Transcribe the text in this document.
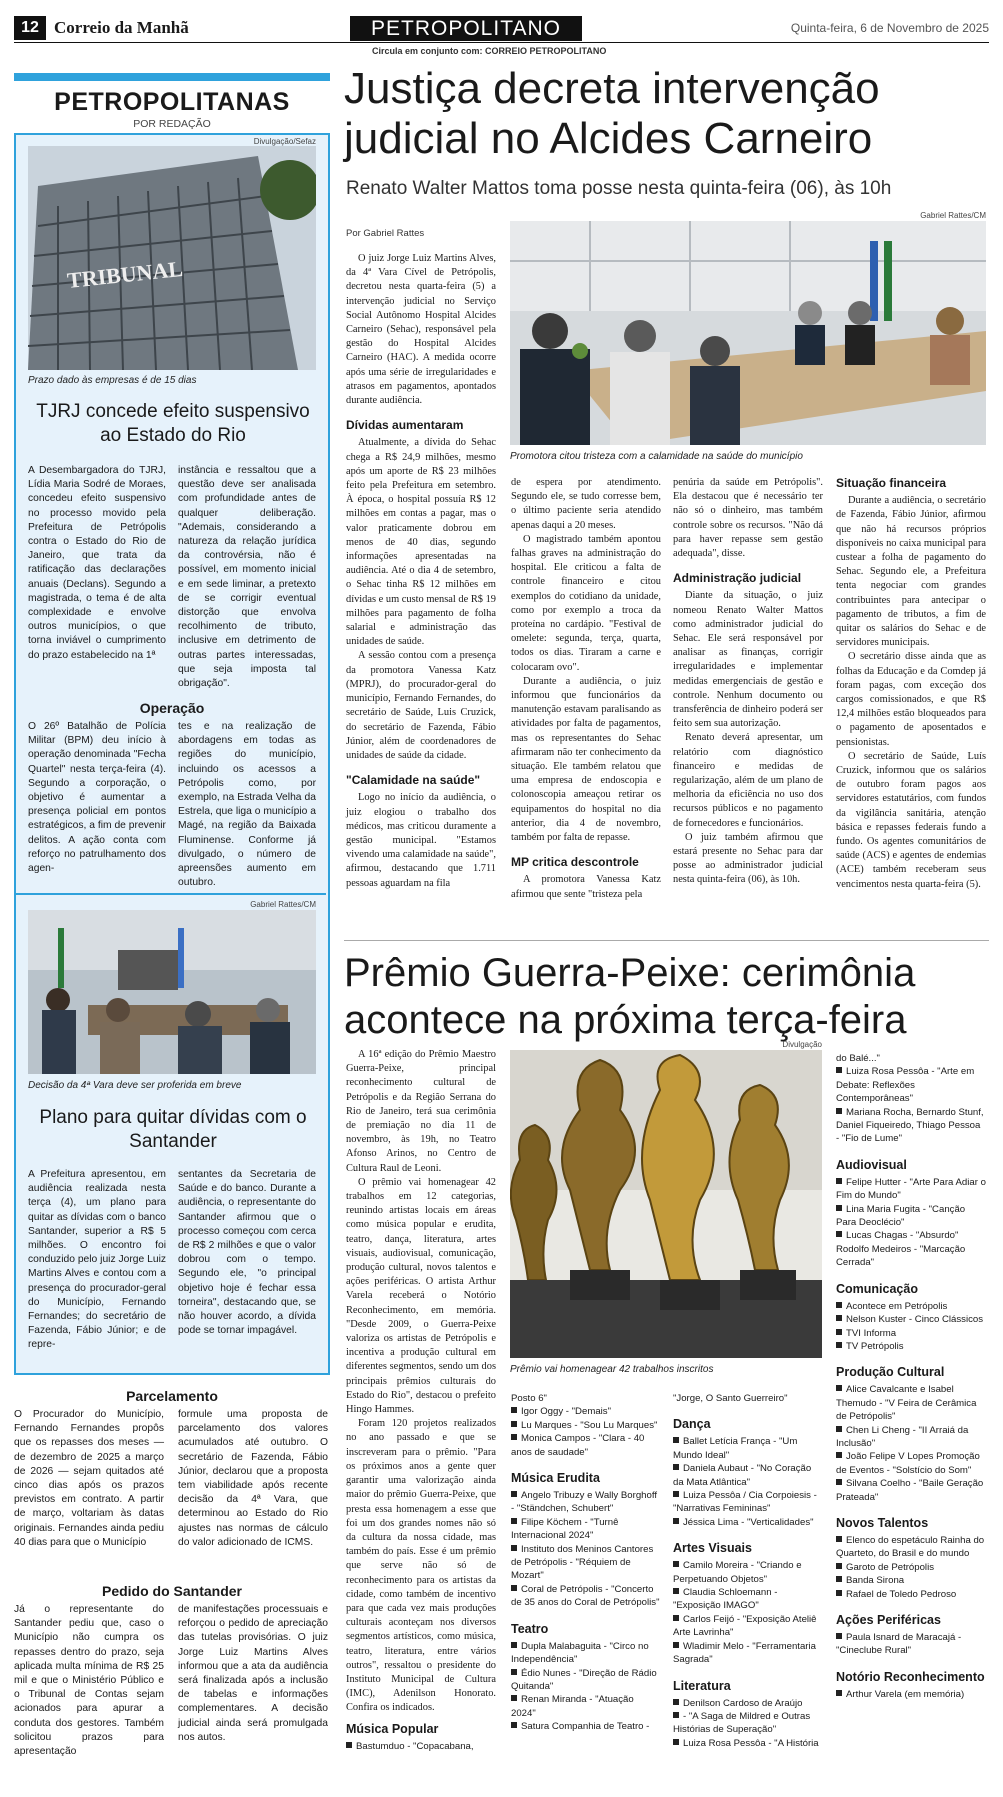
12 Correio da Manhã	PETROPOLITANO	Quinta-feira, 6 de Novembro de 2025
Circula em conjunto com: CORREIO PETROPOLITANO
PETROPOLITANAS
POR REDAÇÃO
Divulgação/Sefaz
TRIBUNAL
Prazo dado às empresas é de 15 dias
TJRJ concede efeito suspensivo ao Estado do Rio

A Desembargadora do TJRJ, Lídia Maria Sodré de Moraes, concedeu efeito suspensivo no processo movido pela Prefeitura de Petrópolis contra o Estado do Rio de Janeiro, que trata da ratificação das declarações anuais (Declans). Segundo a magistrada, o tema é de alta complexidade e envolve outros municípios, o que torna inviável o cumprimento do prazo estabelecido na 1ª

instância e ressaltou que a questão deve ser analisada com profundidade antes de qualquer deliberação. "Ademais, considerando a natureza da relação jurídica da controvérsia, não é possível, em momento inicial e em sede liminar, a pretexto de se corrigir eventual distorção que envolva recolhimento de tributo, inclusive em detrimento de outras partes interessadas, que seja imposta tal obrigação".

Operação

O 26º Batalhão de Polícia Militar (BPM) deu início à operação denominada "Fecha Quartel" nesta terça-feira (4). Segundo a corporação, o objetivo é aumentar a presença policial em pontos estratégicos, a fim de prevenir delitos. A ação conta com reforço no patrulhamento dos agen-

tes e na realização de abordagens em todas as regiões do município, incluindo os acessos a Petrópolis como, por exemplo, na Estrada Velha da Estrela, que liga o município a Magé, na região da Baixada Fluminense. Conforme já divulgado, o número de apreensões aumento em outubro.

Gabriel Rattes/CM
Decisão da 4ª Vara deve ser proferida em breve
Plano para quitar dívidas com o Santander

A Prefeitura apresentou, em audiência realizada nesta terça (4), um plano para quitar as dívidas com o banco Santander, superior a R$ 5 milhões. O encontro foi conduzido pelo juiz Jorge Luiz Martins Alves e contou com a presença do procurador-geral do Município, Fernando Fernandes; do secretário de Fazenda, Fábio Júnior; e de repre-

sentantes da Secretaria de Saúde e do banco. Durante a audiência, o representante do Santander afirmou que o processo começou com cerca de R$ 2 milhões e que o valor dobrou com o tempo. Segundo ele, "o principal objetivo hoje é fechar essa torneira", destacando que, se não houver acordo, a dívida pode se tornar impagável.

Parcelamento

O Procurador do Município, Fernando Fernandes propôs que os repasses dos meses — de dezembro de 2025 a março de 2026 — sejam quitados até cinco dias após os prazos previstos em contrato. A partir de março, voltariam às datas originais. Fernandes ainda pediu 40 dias para que o Município

formule uma proposta de parcelamento dos valores acumulados até outubro. O secretário de Fazenda, Fábio Júnior, declarou que a proposta tem viabilidade após recente decisão da 4ª Vara, que determinou ao Estado do Rio ajustes nas normas de cálculo do valor adicionado de ICMS.

Pedido do Santander

Já o representante do Santander pediu que, caso o Município não cumpra os repasses dentro do prazo, seja aplicada multa mínima de R$ 25 mil e que o Ministério Público e o Tribunal de Contas sejam acionados para apurar a conduta dos gestores. Também solicitou prazos para apresentação

de manifestações processuais e reforçou o pedido de apreciação das tutelas provisórias. O juiz Jorge Luiz Martins Alves informou que a ata da audiência será finalizada após a inclusão de tabelas e informações complementares. A decisão judicial ainda será promulgada nos autos.

Justiça decreta intervenção judicial no Alcides Carneiro
Renato Walter Mattos toma posse nesta quinta-feira (06), às 10h
Por Gabriel Rattes
Gabriel Rattes/CM
Promotora citou tristeza com a calamidade na saúde do município

O juiz Jorge Luiz Martins Alves, da 4ª Vara Cível de Petrópolis, decretou nesta quarta-feira (5) a intervenção judicial no Serviço Social Autônomo Hospital Alcides Carneiro (Sehac), responsável pela gestão do Hospital Alcides Carneiro (HAC). A medida ocorre após uma série de irregularidades e atrasos em pagamentos, apontados durante audiência.

Dívidas aumentaram

Atualmente, a dívida do Sehac chega a R$ 24,9 milhões, mesmo após um aporte de R$ 23 milhões feito pela Prefeitura em setembro. À época, o hospital possuía R$ 12 milhões em contas a pagar, mas o valor praticamente dobrou em menos de 40 dias, segundo informações apresentadas na audiência. Até o dia 4 de setembro, o Sehac tinha R$ 12 milhões em dívidas e um custo mensal de R$ 19 milhões para pagamento de folha salarial e administração das unidades de saúde.

A sessão contou com a presença da promotora Vanessa Katz (MPRJ), do procurador-geral do município, Fernando Fernandes, do secretário de Saúde, Luis Cruzick, do secretário de Fazenda, Fábio Júnior, além de coordenadores de unidades de saúde da cidade.

"Calamidade na saúde"

Logo no início da audiência, o juiz elogiou o trabalho dos médicos, mas criticou duramente a gestão municipal. "Estamos vivendo uma calamidade na saúde", afirmou, destacando que 1.711 pessoas aguardam na fila

de espera por atendimento. Segundo ele, se tudo corresse bem, o último paciente seria atendido apenas daqui a 20 meses.

O magistrado também apontou falhas graves na administração do hospital. Ele criticou a falta de controle financeiro e citou exemplos do cotidiano da unidade, como por exemplo a troca da proteína no cardápio. "Festival de omelete: segunda, terça, quarta, todos os dias. Tiraram a carne e colocaram ovo".

Durante a audiência, o juiz informou que funcionários da manutenção estavam paralisando as atividades por falta de pagamentos, mas os representantes do Sehac afirmaram não ter conhecimento da situação. Ele também relatou que uma empresa de endoscopia e colonoscopia ameaçou retirar os equipamentos do hospital no dia anterior, dia 4 de novembro, também por falta de repasse.

MP critica descontrole

A promotora Vanessa Katz afirmou que sente "tristeza pela

penúria da saúde em Petrópolis". Ela destacou que é necessário ter não só o dinheiro, mas também controle sobre os recursos. "Não dá para haver repasse sem gestão adequada", disse.

Administração judicial

Diante da situação, o juiz nomeou Renato Walter Mattos como administrador judicial do Sehac. Ele será responsável por analisar as finanças, corrigir irregularidades e implementar medidas emergenciais de gestão e controle. Nenhum documento ou transferência de dinheiro poderá ser feito sem sua autorização.

Renato deverá apresentar, um relatório com diagnóstico financeiro e medidas de regularização, além de um plano de melhoria da eficiência no uso dos recursos públicos e no pagamento de fornecedores e funcionários.

O juiz também afirmou que estará presente no Sehac para dar posse ao administrador judicial nesta quinta-feira (06), às 10h.

Situação financeira

Durante a audiência, o secretário de Fazenda, Fábio Júnior, afirmou que não há recursos próprios disponíveis no caixa municipal para custear a folha de pagamento do Sehac. Segundo ele, a Prefeitura tenta negociar com grandes contribuintes para antecipar o pagamento de tributos, a fim de quitar os salários do Sehac e de servidores municipais.

O secretário disse ainda que as folhas da Educação e da Comdep já foram pagas, com exceção dos cargos comissionados, e que R$ 12,4 milhões estão bloqueados para o pagamento de aposentados e pensionistas.

O secretário de Saúde, Luís Cruzick, informou que os salários de outubro foram pagos aos servidores estatutários, com fundos da vigilância sanitária, atenção básica e repasses federais fundo a fundo. Os agentes comunitários de saúde (ACS) e agentes de endemias (ACE) também receberam seus vencimentos nesta quarta-feira (5).

Prêmio Guerra-Peixe: cerimônia acontece na próxima terça-feira
Divulgação
Prêmio vai homenagear 42 trabalhos inscritos

A 16ª edição do Prêmio Maestro Guerra-Peixe, principal reconhecimento cultural de Petrópolis e da Região Serrana do Rio de Janeiro, terá sua cerimônia de premiação no dia 11 de novembro, às 19h, no Teatro Afonso Arinos, no Centro de Cultura Raul de Leoni.

O prêmio vai homenagear 42 trabalhos em 12 categorias, reunindo artistas locais em áreas como música popular e erudita, teatro, dança, literatura, artes visuais, audiovisual, comunicação, produção cultural, novos talentos e ações periféricas. O artista Arthur Varela receberá o Notório Reconhecimento, em memória. "Desde 2009, o Guerra-Peixe valoriza os artistas de Petrópolis e incentiva a produção cultural em diferentes segmentos, sendo um dos principais prêmios culturais do Estado do Rio", destacou o prefeito Hingo Hammes.

Foram 120 projetos realizados no ano passado e que se inscreveram para o prêmio. "Para os próximos anos a gente quer garantir uma valorização ainda maior do prêmio Guerra-Peixe, que presta essa homenagem a esse que foi um dos grandes nomes não só da cultura da nossa cidade, mas também do país. Esse é um prêmio que serve não só de reconhecimento para os artistas da cidade, como também de incentivo para que cada vez mais produções culturais aconteçam nos diversos segmentos artísticos, como música, teatro, literatura, entre vários outros", ressaltou o presidente do Instituto Municipal de Cultura (IMC), Adenilson Honorato. Confira os indicados.

Música Popular
Bastumduo - "Copacabana,
Posto 6"
Igor Oggy - "Demais"
Lu Marques - "Sou Lu Marques"
Monica Campos - "Clara - 40 anos de saudade"
Música Erudita
Angelo Tribuzy e Wally Borghoff - "Ständchen, Schubert"
Filipe Köchem - "Turnê Internacional 2024"
Instituto dos Meninos Cantores de Petrópolis - "Réquiem de Mozart"
Coral de Petrópolis - "Concerto de 35 anos do Coral de Petrópolis"
Teatro
Dupla Malabaguita - "Circo no Independência"
Édio Nunes - "Direção de Rádio Quitanda"
Renan Miranda - "Atuação 2024"
Satura Companhia de Teatro -
"Jorge, O Santo Guerreiro"
Dança
Ballet Letícia França - "Um Mundo Ideal"
Daniela Aubaut - "No Coração da Mata Atlântica"
Luiza Pessôa / Cia Corpoiesis - "Narrativas Femininas"
Jéssica Lima - "Verticalidades"
Artes Visuais
Camilo Moreira - "Criando e Perpetuando Objetos"
Claudia Schloemann - "Exposição IMAGO"
Carlos Feijó - "Exposição Ateliê Arte Lavrinha"
Wladimir Melo - "Ferramentaria Sagrada"
Literatura
Denilson Cardoso de Araújo
- "A Saga de Mildred e Outras Histórias de Superação"
Luiza Rosa Pessôa - "A História
do Balé..."
Luiza Rosa Pessôa - "Arte em Debate: Reflexões Contemporâneas"
Mariana Rocha, Bernardo Stunf, Daniel Fiqueiredo, Thiago Pessoa - "Fio de Lume"
Audiovisual
Felipe Hutter - "Arte Para Adiar o Fim do Mundo"
Lina Maria Fugita - "Canção Para Deoclécio"
Lucas Chagas - "Absurdo" Rodolfo Medeiros - "Marcação Cerrada"
Comunicação
Acontece em Petrópolis
Nelson Kuster - Cinco Clássicos
TVI Informa
TV Petrópolis
Produção Cultural
Alice Cavalcante e Isabel Themudo - "V Feira de Cerâmica de Petrópolis"
Chen Li Cheng - "II Arraiá da Inclusão"
João Felipe V Lopes Promoção de Eventos - "Solstício do Som"
Silvana Coelho - "Baile Geração Prateada"
Novos Talentos
Elenco do espetáculo Rainha do Quarteto, do Brasil e do mundo
Garoto de Petrópolis
Banda Sirona
Rafael de Toledo Pedroso
Ações Periféricas
Paula Isnard de Maracajá - "Cineclube Rural"
Notório Reconhecimento
Arthur Varela (em memória)
